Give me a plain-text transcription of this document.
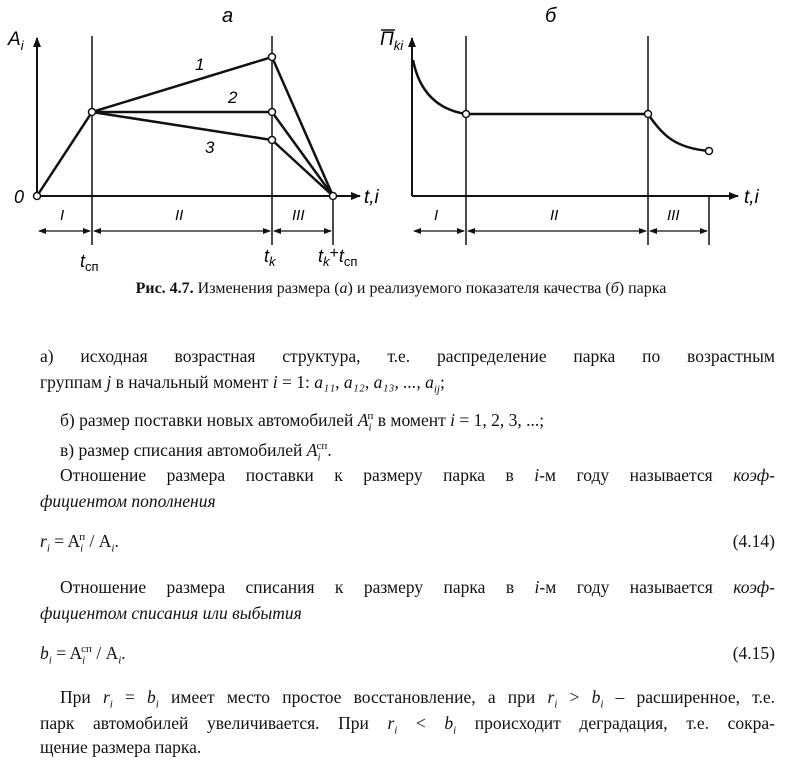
а
$A_i$
t,i
0
1
2
3
I	II	III
$t_{сп}$
$t_k$ $t_k+t_{сп}$
б
$П_{ki}$
t,i
I	II	III
Рис. 4.7. Изменения размера (а) и реализуемого показателя качества (б) парка
а) исходная возрастная структура, т.е. распределение парка по возрастным
группам j в начальный момент i = 1: a₁₁, a₁₂, a₁₃, ..., $a_{ij}$;
б) размер поставки новых автомобилей $A_i^п$ в момент i = 1, 2, 3, ...;
в) размер списания автомобилей $A_i^{сп}$.
Отношение размера поставки к размеру парка в i-м году называется коэф-
фициентом пополнения
$r_i = A_i^п / A_i$.	(4.14)
Отношение размера списания к размеру парка в i-м году называется коэф-
фициентом списания или выбытия
$b_i = A_i^{сп} / A_i$.	(4.15)
При $r_i = b_i$ имеет место простое восстановление, а при $r_i > b_i$ – расширенное, т.е.
парк автомобилей увеличивается. При $r_i < b_i$ происходит деградация, т.е. сокра-
щение размера парка.
